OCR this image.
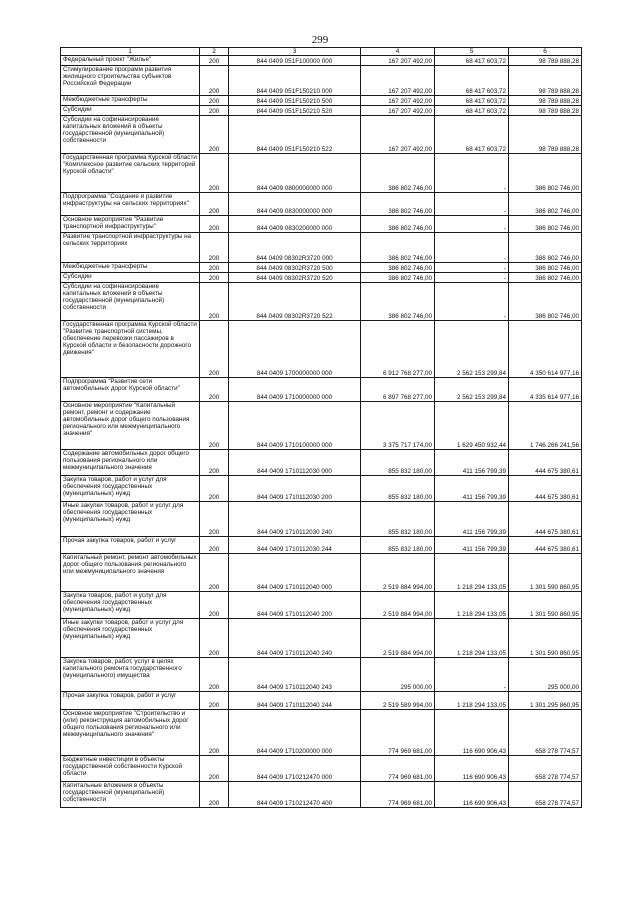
299
1	2	3	4	5	6
Федеральный проект "Жилье"	200	844 0409 051F100000 000	167 207 492,00	68 417 603,72	98 789 888,28
Стимулирование программ развития жилищного строительства субъектов Российской Федерации	200	844 0409 051F150210 000	167 207 492,00	68 417 603,72	98 789 888,28
Межбюджетные трансферты	200	844 0409 051F150210 500	167 207 492,00	68 417 603,72	98 789 888,28
Субсидии	200	844 0409 051F150210 520	167 207 492,00	68 417 603,72	98 789 888,28
Субсидии на софинансирование капитальных вложений в объекты государственной (муниципальной) собственности	200	844 0409 051F150210 522	167 207 492,00	68 417 603,72	98 789 888,28
Государственная программа Курской области "Комплексное развитие сельских территорий Курской области"	200	844 0409 0800000000 000	386 802 746,00	-	386 802 746,00
Подпрограмма "Создание и развитие инфраструктуры на сельских территориях"	200	844 0409 0830000000 000	386 802 746,00	-	386 802 746,00
Основное мероприятие "Развитие транспортной инфраструктуры"	200	844 0409 0830200000 000	386 802 746,00	-	386 802 746,00
Развитие транспортной инфраструктуры на сельских территориях	200	844 0409 08302R3720 000	386 802 746,00	-	386 802 746,00
Межбюджетные трансферты	200	844 0409 08302R3720 500	386 802 746,00	-	386 802 746,00
Субсидии	200	844 0409 08302R3720 520	386 802 746,00	-	386 802 746,00
Субсидии на софинансирование капитальных вложений в объекты государственной (муниципальной) собственности	200	844 0409 08302R3720 522	386 802 746,00	-	386 802 746,00
Государственная программа Курской области "Развитие транспортной системы, обеспечение перевозки пассажиров в Курской области и безопасности дорожного движения"	200	844 0409 1700000000 000	6 912 768 277,00	2 562 153 299,84	4 350 614 977,16
Подпрограмма "Развитие сети автомобильных дорог Курской области"	200	844 0409 1710000000 000	6 897 768 277,00	2 562 153 299,84	4 335 614 977,16
Основное мероприятие "Капитальный ремонт, ремонт и содержание автомобильных дорог общего пользования регионального или межмуниципального значения"	200	844 0409 1710100000 000	3 375 717 174,00	1 629 450 932,44	1 746 266 241,56
Содержание автомобильных дорог общего пользования регионального или межмуниципального значения	200	844 0409 1710112030 000	855 832 180,00	411 156 799,39	444 675 380,61
Закупка товаров, работ и услуг для обеспечения государственных (муниципальных) нужд	200	844 0409 1710112030 200	855 832 180,00	411 156 799,39	444 675 380,61
Иные закупки товаров, работ и услуг для обеспечения государственных (муниципальных) нужд	200	844 0409 1710112030 240	855 832 180,00	411 156 799,39	444 675 380,61
Прочая закупка товаров, работ и услуг	200	844 0409 1710112030 244	855 832 180,00	411 156 799,39	444 675 380,61
Капитальный ремонт, ремонт автомобильных дорог общего пользования регионального или межмуниципального значения	200	844 0409 1710112040 000	2 519 884 994,00	1 218 294 133,05	1 301 590 860,95
Закупка товаров, работ и услуг для обеспечения государственных (муниципальных) нужд	200	844 0409 1710112040 200	2 519 884 994,00	1 218 294 133,05	1 301 590 860,95
Иные закупки товаров, работ и услуг для обеспечения государственных (муниципальных) нужд	200	844 0409 1710112040 240	2 519 884 994,00	1 218 294 133,05	1 301 590 860,95
Закупка товаров, работ, услуг в целях капитального ремонта государственного (муниципального) имущества	200	844 0409 1710112040 243	295 000,00	-	295 000,00
Прочая закупка товаров, работ и услуг	200	844 0409 1710112040 244	2 519 589 994,00	1 218 294 133,05	1 301 295 860,95
Основное мероприятие "Строительство и (или) реконструкция автомобильных дорог общего пользования регионального или межмуниципального значения"	200	844 0409 1710200000 000	774 969 681,00	116 690 906,43	658 278 774,57
Бюджетные инвестиции в объекты государственной собственности Курской области	200	844 0409 1710212470 000	774 969 681,00	116 690 906,43	658 278 774,57
Капитальные вложения в объекты государственной (муниципальной) собственности	200	844 0409 1710212470 400	774 969 681,00	116 690 906,43	658 278 774,57
